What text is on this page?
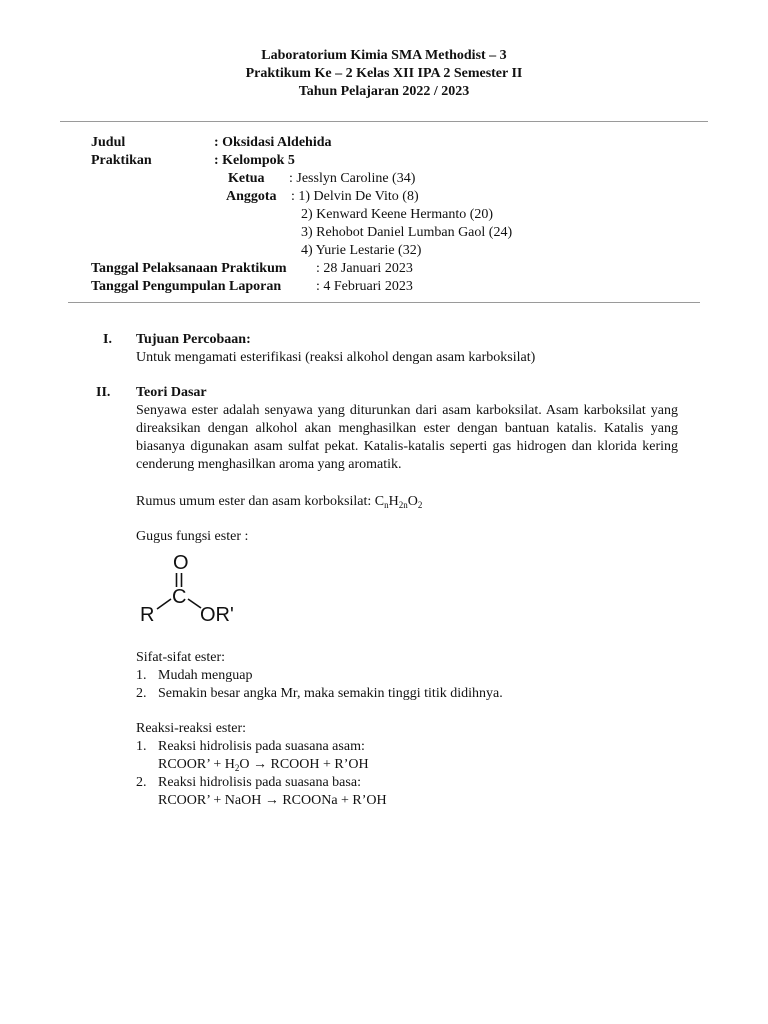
Laboratorium Kimia SMA Methodist – 3
Praktikum Ke – 2 Kelas XII IPA 2 Semester II
Tahun Pelajaran 2022 / 2023
Judul	: Oksidasi Aldehida
Praktikan	: Kelompok 5
Ketua : Jesslyn Caroline (34)
Anggota : 1) Delvin De Vito (8)
2) Kenward Keene Hermanto (20)
3) Rehobot Daniel Lumban Gaol (24)
4) Yurie Lestarie (32)
Tanggal Pelaksanaan Praktikum : 28 Januari 2023
Tanggal Pengumpulan Laporan : 4 Februari 2023
I. Tujuan Percobaan:
Untuk mengamati esterifikasi (reaksi alkohol dengan asam karboksilat)
II. Teori Dasar
Senyawa ester adalah senyawa yang diturunkan dari asam karboksilat. Asam karboksilat yang direaksikan dengan alkohol akan menghasilkan ester dengan bantuan katalis. Katalis yang biasanya digunakan asam sulfat pekat. Katalis-katalis seperti gas hidrogen dan klorida kering cenderung menghasilkan aroma yang aromatik.
Rumus umum ester dan asam korboksilat: $C_nH_{2n}O_2$
Gugus fungsi ester :
O
C
R OR'
Sifat-sifat ester:
1. Mudah menguap
2. Semakin besar angka Mr, maka semakin tinggi titik didihnya.
Reaksi-reaksi ester:
1. Reaksi hidrolisis pada suasana asam:
RCOOR’ + $H_2O$ → RCOOH + R’OH
2. Reaksi hidrolisis pada suasana basa:
RCOOR’ + NaOH → RCOONa + R’OH
